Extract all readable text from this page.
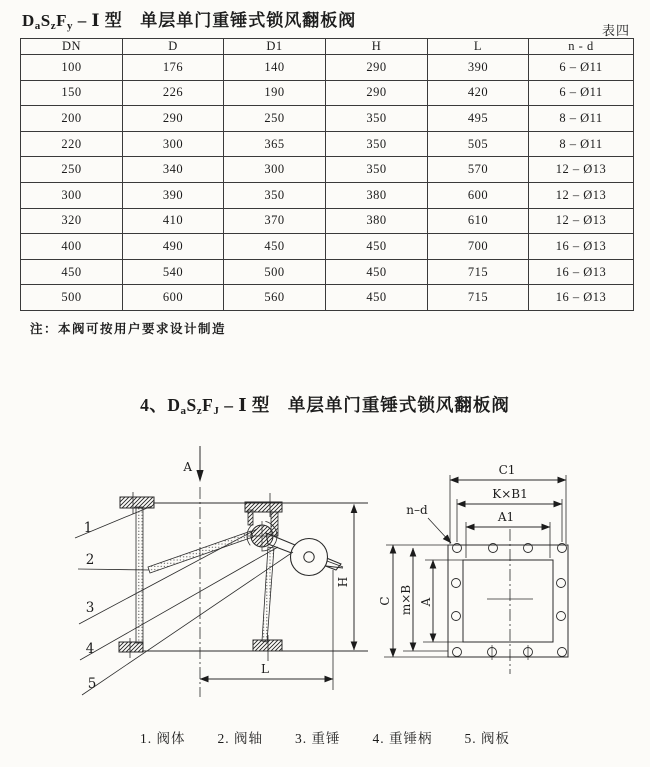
$D_aS_zF_y$ – Ⅰ 型 单层单门重锤式锁风翻板阀
表四
DN	D	D1	H	L	n - d
100	176	140	290	390	6 – Ø11
150	226	190	290	420	6 – Ø11
200	290	250	350	495	8 – Ø11
220	300	365	350	505	8 – Ø11
250	340	300	350	570	12 – Ø13
300	390	350	380	600	12 – Ø13
320	410	370	380	610	12 – Ø13
400	490	450	450	700	16 – Ø13
450	540	500	450	715	16 – Ø13
500	600	560	450	715	16 – Ø13
注：本阀可按用户要求设计制造
4、$D_aS_zF_J$ – Ⅰ 型 单层单门重锤式锁风翻板阀
A
H
L
1
2
3
4
5
C1
K×B1
A1
n–d
C m×B A
1. 阀体 2. 阀轴 3. 重锤 4. 重锤柄 5. 阀板
